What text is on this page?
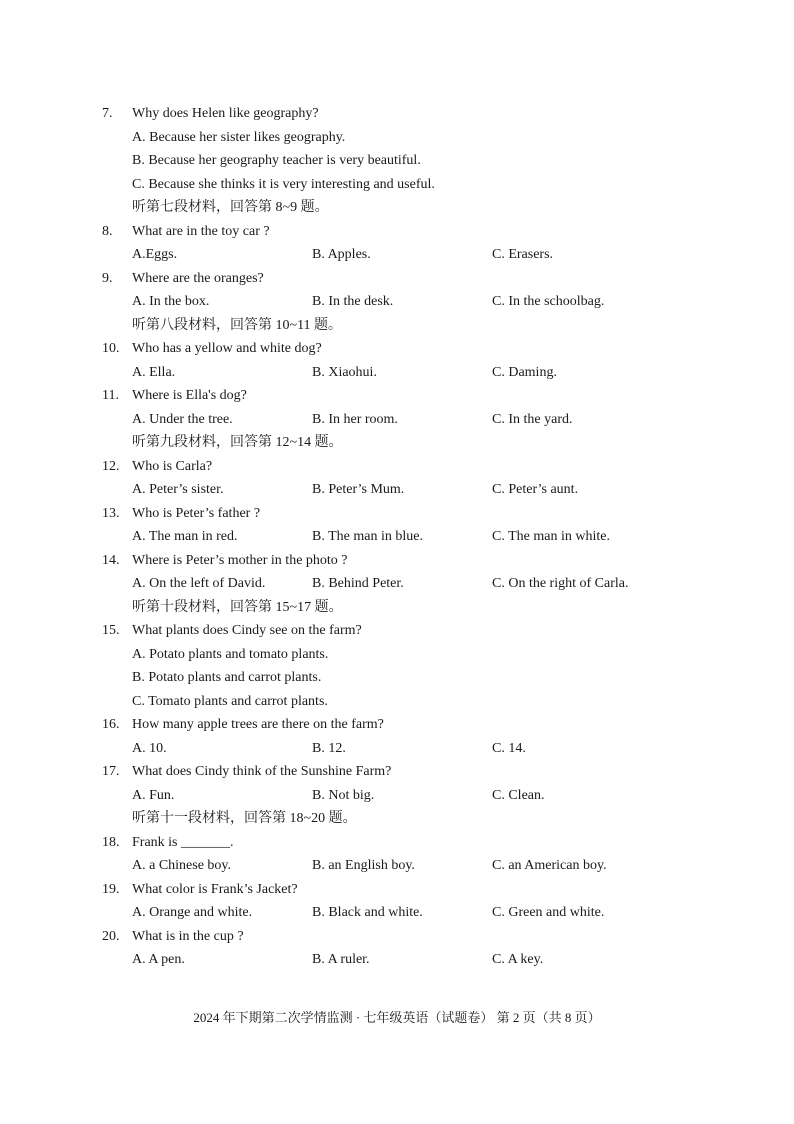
7. Why does Helen like geography?
A. Because her sister likes geography.
B. Because her geography teacher is very beautiful.
C. Because she thinks it is very interesting and useful.
听第七段材料，回答第 8~9 题。
8. What are in the toy car ?
A.Eggs.	B. Apples.	C. Erasers.
9. Where are the oranges?
A. In the box.	B. In the desk.	C. In the schoolbag.
听第八段材料，回答第 10~11 题。
10. Who has a yellow and white dog?
A. Ella.	B. Xiaohui.	C. Daming.
11. Where is Ella's dog?
A. Under the tree.	B. In her room.	C. In the yard.
听第九段材料，回答第 12~14 题。
12. Who is Carla?
A. Peter’s sister.	B. Peter’s Mum.	C. Peter’s aunt.
13. Who is Peter’s father ?
A. The man in red.	B. The man in blue.	C. The man in white.
14. Where is Peter’s mother in the photo ?
A. On the left of David.	B. Behind Peter.	C. On the right of Carla.
听第十段材料，回答第 15~17 题。
15. What plants does Cindy see on the farm?
A. Potato plants and tomato plants.
B. Potato plants and carrot plants.
C. Tomato plants and carrot plants.
16. How many apple trees are there on the farm?
A. 10.	B. 12.	C. 14.
17. What does Cindy think of the Sunshine Farm?
A. Fun.	B. Not big.	C. Clean.
听第十一段材料，回答第 18~20 题。
18. Frank is _______.
A. a Chinese boy.	B. an English boy.	C. an American boy.
19. What color is Frank’s Jacket?
A. Orange and white.	B. Black and white.	C. Green and white.
20. What is in the cup ?
A. A pen.	B. A ruler.	C. A key.
2024 年下期第二次学情监测 · 七年级英语（试题卷） 第 2 页（共 8 页）
